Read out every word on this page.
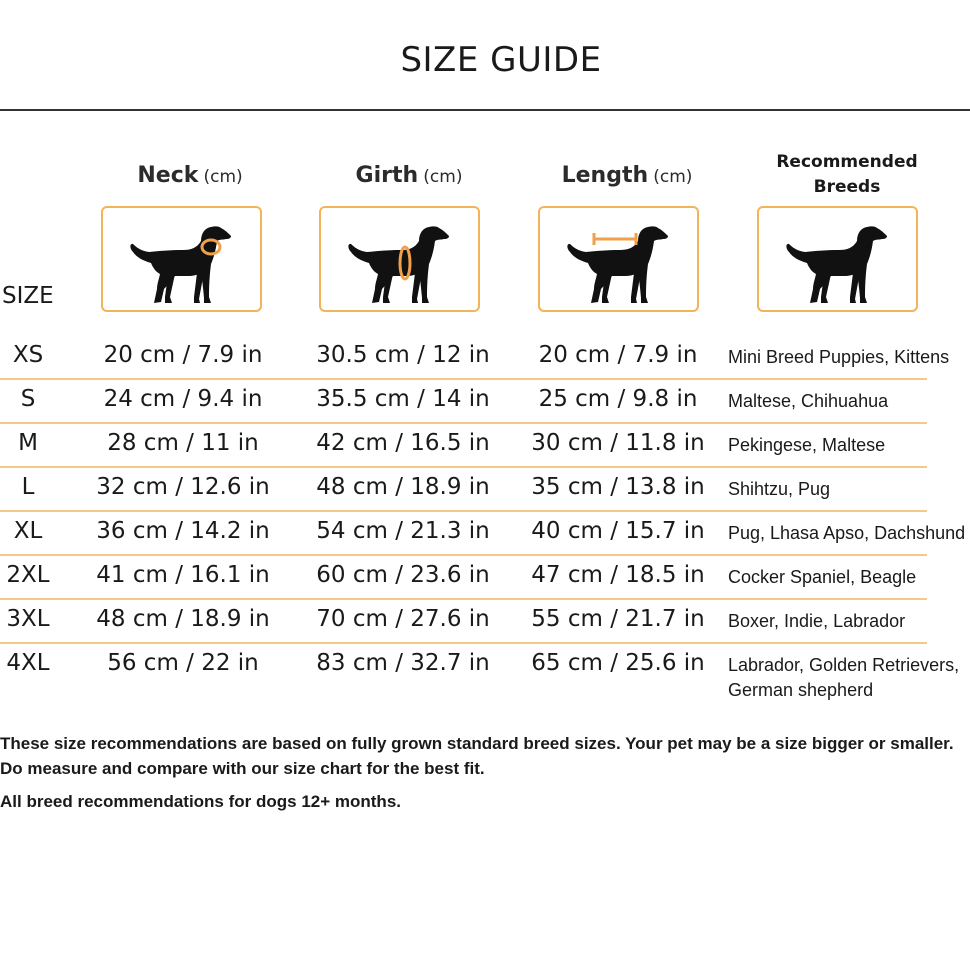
SIZE GUIDE
Neck (cm)	Girth (cm)	Length (cm)
Recommended
Breeds
SIZE
XS	20 cm / 7.9 in	30.5 cm / 12 in	20 cm / 7.9 in	Mini Breed Puppies, Kittens
S	24 cm / 9.4 in	35.5 cm / 14 in	25 cm / 9.8 in	Maltese, Chihuahua
M	28 cm / 11 in	42 cm / 16.5 in	30 cm / 11.8 in	Pekingese, Maltese
L	32 cm / 12.6 in	48 cm / 18.9 in	35 cm / 13.8 in	Shihtzu, Pug
XL	36 cm / 14.2 in	54 cm / 21.3 in	40 cm / 15.7 in	Pug, Lhasa Apso, Dachshund
2XL	41 cm / 16.1 in	60 cm / 23.6 in	47 cm / 18.5 in	Cocker Spaniel, Beagle
3XL	48 cm / 18.9 in	70 cm / 27.6 in	55 cm / 21.7 in	Boxer, Indie, Labrador
4XL	56 cm / 22 in	83 cm / 32.7 in	65 cm / 25.6 in	Labrador, Golden Retrievers,
German shepherd
These size recommendations are based on fully grown standard breed sizes. Your pet may be a size bigger or smaller.
Do measure and compare with our size chart for the best fit.
All breed recommendations for dogs 12+ months.
